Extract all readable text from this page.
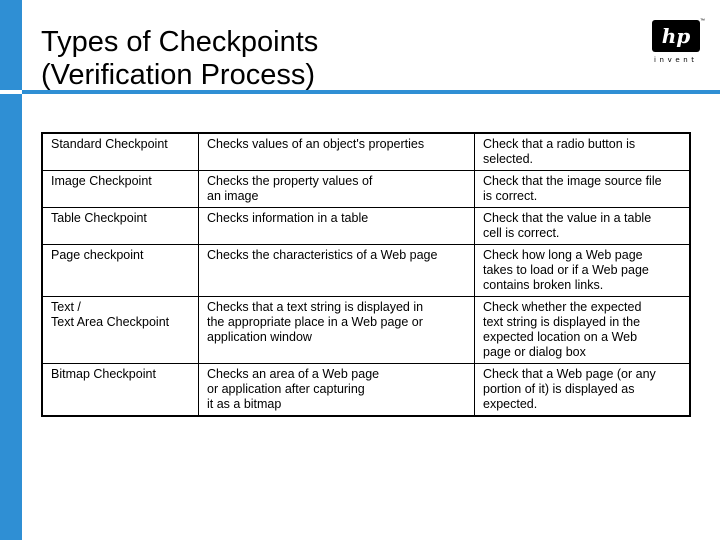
Types of Checkpoints
(Verification Process)
hp
™
invent
Standard Checkpoint	Checks values of an object's properties	Check that a radio button is
selected.
Image Checkpoint	Checks the property values of
an image	Check that the image source file
is correct.
Table Checkpoint	Checks information in a table	Check that the value in a table
cell is correct.
Page checkpoint	Checks the characteristics of a Web page	Check how long a Web page
takes to load or if a Web page
contains broken links.
Text /
Text Area Checkpoint	Checks that a text string is displayed in
the appropriate place in a Web page or
application window	Check whether the expected
text string is displayed in the
expected location on a Web
page or dialog box
Bitmap Checkpoint	Checks an area of a Web page
or application after capturing
it as a bitmap	Check that a Web page (or any
portion of it) is displayed as
expected.
